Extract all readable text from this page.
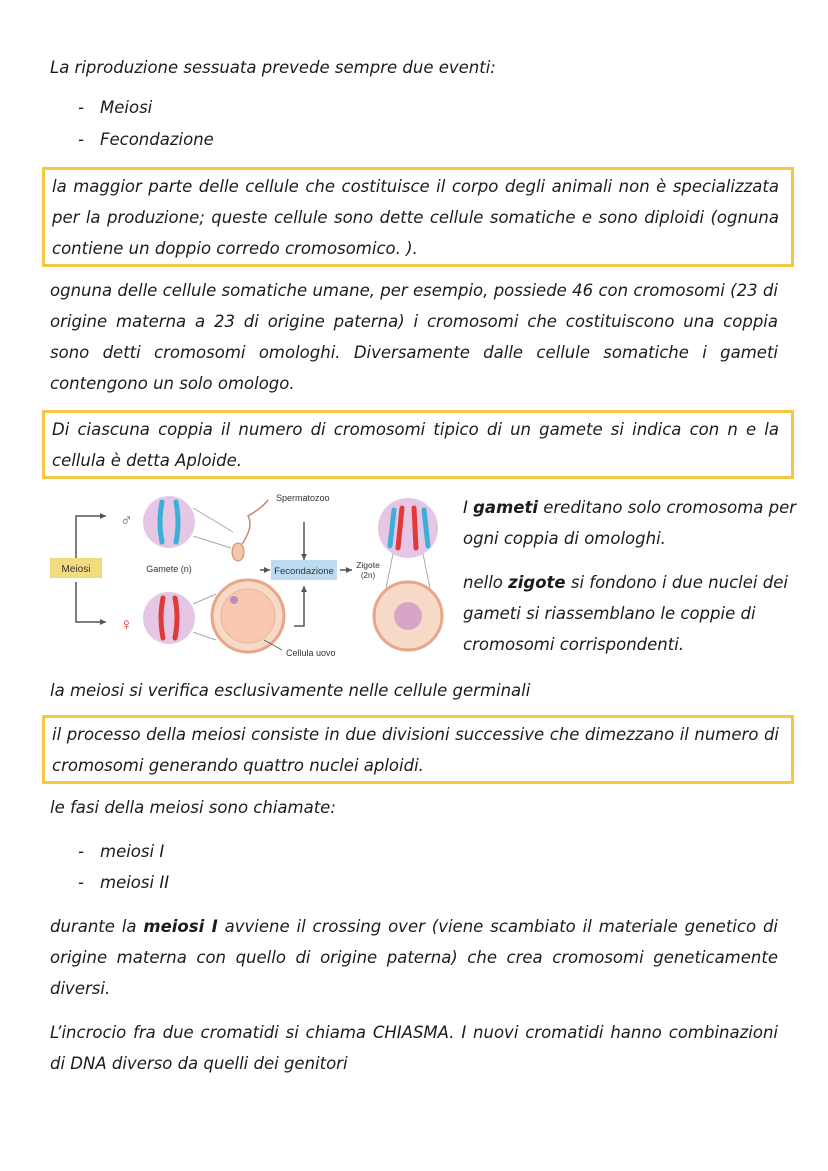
La riproduzione sessuata prevede sempre due eventi:

- Meiosi
- Fecondazione

la maggior parte delle cellule che costituisce il corpo degli animali non è specializzata
per la produzione; queste cellule sono dette cellule somatiche e sono diploidi (ognuna
contiene un doppio corredo cromosomico. ).

ognuna delle cellule somatiche umane, per esempio, possiede 46 con cromosomi (23 di
origine materna a 23 di origine paterna) i cromosomi che costituiscono una coppia
sono detti cromosomi omologhi. Diversamente dalle cellule somatiche i gameti
contengono un solo omologo.

Di ciascuna coppia il numero di cromosomi tipico di un gamete si indica con n e la
cellula è detta Aploide.

Meiosi
♂
♀
Gamete (n)
Spermatozoo
Fecondazione
Zigote
(2n)
Cellula uovo
I gameti ereditano solo cromosoma per
ogni coppia di omologhi.
nello zigote si fondono i due nuclei dei
gameti si riassemblano le coppie di
cromosomi corrispondenti.

la meiosi si verifica esclusivamente nelle cellule germinali

il processo della meiosi consiste in due divisioni successive che dimezzano il numero di
cromosomi generando quattro nuclei aploidi.

le fasi della meiosi sono chiamate:

- meiosi I
- meiosi II

durante la meiosi I avviene il crossing over (viene scambiato il materiale genetico di
origine materna con quello di origine paterna) che crea cromosomi geneticamente
diversi.

L’incrocio fra due cromatidi si chiama CHIASMA. I nuovi cromatidi hanno combinazioni
di DNA diverso da quelli dei genitori
